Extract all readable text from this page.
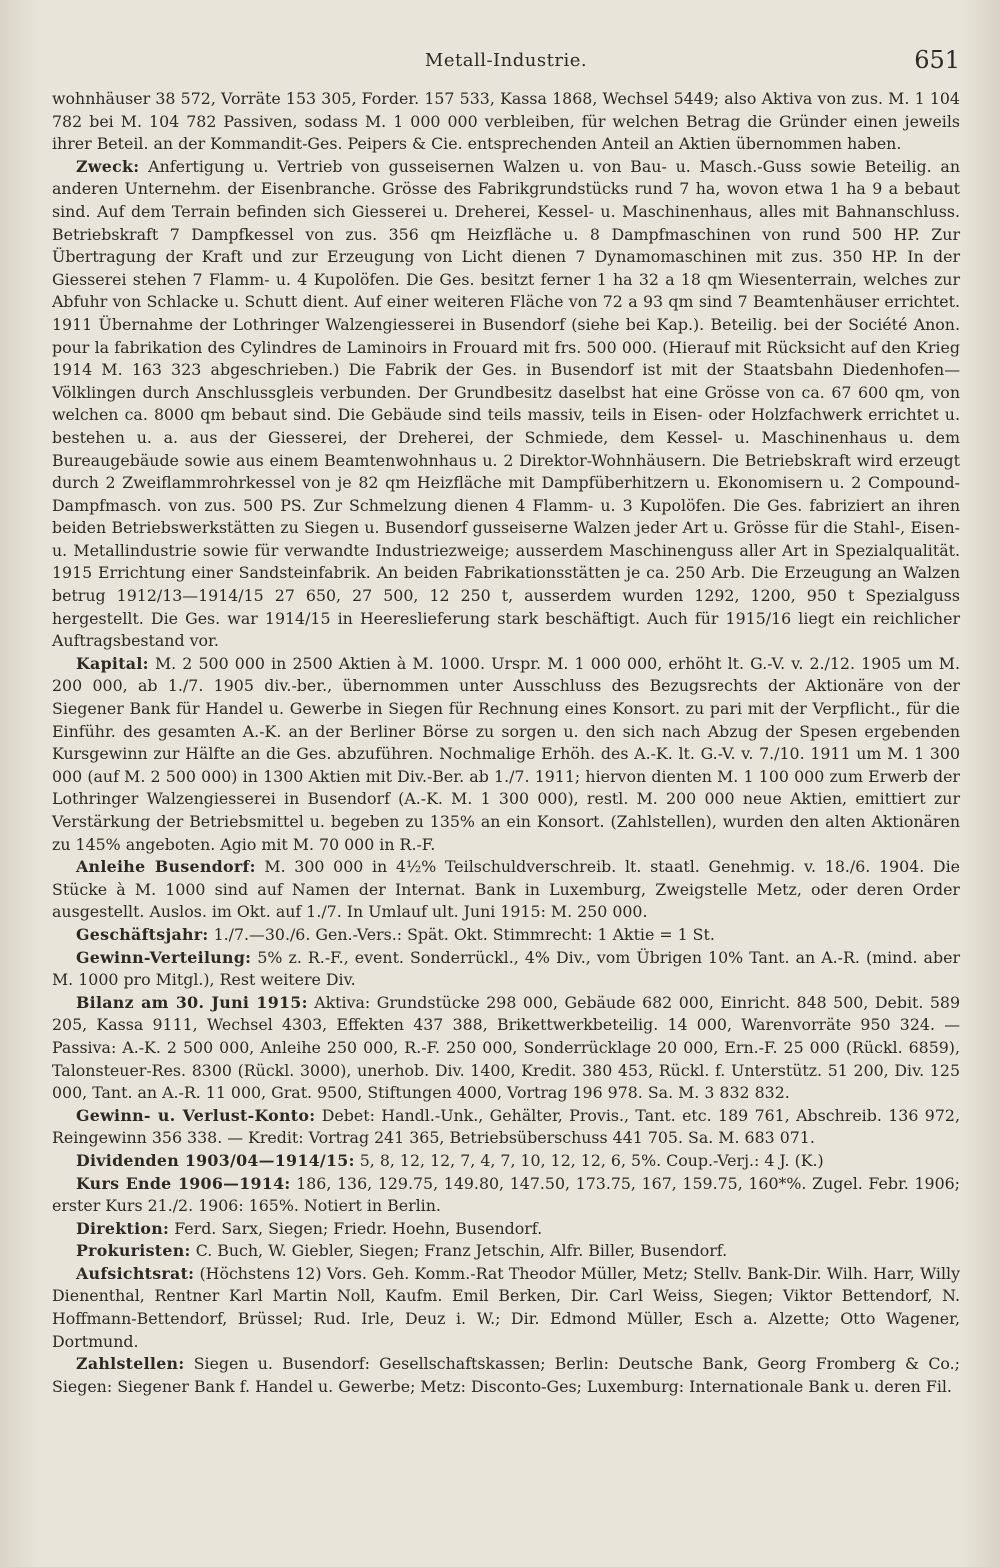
Metall-Industrie.	651

wohnhäuser 38 572, Vorräte 153 305, Forder. 157 533, Kassa 1868, Wechsel 5449; also Aktiva von zus. M. 1 104 782 bei M. 104 782 Passiven, sodass M. 1 000 000 verbleiben, für welchen Betrag die Gründer einen jeweils ihrer Beteil. an der Kommandit-Ges. Peipers & Cie. entsprechenden Anteil an Aktien übernommen haben.

Zweck: Anfertigung u. Vertrieb von gusseisernen Walzen u. von Bau- u. Masch.-Guss sowie Beteilig. an anderen Unternehm. der Eisenbranche. Grösse des Fabrikgrundstücks rund 7 ha, wovon etwa 1 ha 9 a bebaut sind. Auf dem Terrain befinden sich Giesserei u. Dreherei, Kessel- u. Maschinenhaus, alles mit Bahnanschluss. Betriebskraft 7 Dampfkessel von zus. 356 qm Heizfläche u. 8 Dampfmaschinen von rund 500 HP. Zur Übertragung der Kraft und zur Erzeugung von Licht dienen 7 Dynamomaschinen mit zus. 350 HP. In der Giesserei stehen 7 Flamm- u. 4 Kupolöfen. Die Ges. besitzt ferner 1 ha 32 a 18 qm Wiesenterrain, welches zur Abfuhr von Schlacke u. Schutt dient. Auf einer weiteren Fläche von 72 a 93 qm sind 7 Beamtenhäuser errichtet. 1911 Übernahme der Lothringer Walzengiesserei in Busendorf (siehe bei Kap.). Beteilig. bei der Société Anon. pour la fabrikation des Cylindres de Laminoirs in Frouard mit frs. 500 000. (Hierauf mit Rücksicht auf den Krieg 1914 M. 163 323 abgeschrieben.) Die Fabrik der Ges. in Busendorf ist mit der Staatsbahn Diedenhofen—Völklingen durch Anschlussgleis verbunden. Der Grundbesitz daselbst hat eine Grösse von ca. 67 600 qm, von welchen ca. 8000 qm bebaut sind. Die Gebäude sind teils massiv, teils in Eisen- oder Holzfachwerk errichtet u. bestehen u. a. aus der Giesserei, der Dreherei, der Schmiede, dem Kessel- u. Maschinenhaus u. dem Bureaugebäude sowie aus einem Beamtenwohnhaus u. 2 Direktor-Wohnhäusern. Die Betriebskraft wird erzeugt durch 2 Zweiflammrohrkessel von je 82 qm Heizfläche mit Dampfüberhitzern u. Ekonomisern u. 2 Compound-Dampfmasch. von zus. 500 PS. Zur Schmelzung dienen 4 Flamm- u. 3 Kupolöfen. Die Ges. fabriziert an ihren beiden Betriebswerkstätten zu Siegen u. Busendorf gusseiserne Walzen jeder Art u. Grösse für die Stahl-, Eisen- u. Metallindustrie sowie für verwandte Industriezweige; ausserdem Maschinenguss aller Art in Spezialqualität. 1915 Errichtung einer Sandsteinfabrik. An beiden Fabrikationsstätten je ca. 250 Arb. Die Erzeugung an Walzen betrug 1912/13—1914/15 27 650, 27 500, 12 250 t, ausserdem wurden 1292, 1200, 950 t Spezialguss hergestellt. Die Ges. war 1914/15 in Heereslieferung stark beschäftigt. Auch für 1915/16 liegt ein reichlicher Auftragsbestand vor.

Kapital: M. 2 500 000 in 2500 Aktien à M. 1000. Urspr. M. 1 000 000, erhöht lt. G.-V. v. 2./12. 1905 um M. 200 000, ab 1./7. 1905 div.-ber., übernommen unter Ausschluss des Bezugsrechts der Aktionäre von der Siegener Bank für Handel u. Gewerbe in Siegen für Rechnung eines Konsort. zu pari mit der Verpflicht., für die Einführ. des gesamten A.-K. an der Berliner Börse zu sorgen u. den sich nach Abzug der Spesen ergebenden Kursgewinn zur Hälfte an die Ges. abzuführen. Nochmalige Erhöh. des A.-K. lt. G.-V. v. 7./10. 1911 um M. 1 300 000 (auf M. 2 500 000) in 1300 Aktien mit Div.-Ber. ab 1./7. 1911; hiervon dienten M. 1 100 000 zum Erwerb der Lothringer Walzengiesserei in Busendorf (A.-K. M. 1 300 000), restl. M. 200 000 neue Aktien, emittiert zur Verstärkung der Betriebsmittel u. begeben zu 135% an ein Konsort. (Zahlstellen), wurden den alten Aktionären zu 145% angeboten. Agio mit M. 70 000 in R.-F.

Anleihe Busendorf: M. 300 000 in 4½% Teilschuldverschreib. lt. staatl. Genehmig. v. 18./6. 1904. Die Stücke à M. 1000 sind auf Namen der Internat. Bank in Luxemburg, Zweigstelle Metz, oder deren Order ausgestellt. Auslos. im Okt. auf 1./7. In Umlauf ult. Juni 1915: M. 250 000.

Geschäftsjahr: 1./7.—30./6. Gen.-Vers.: Spät. Okt. Stimmrecht: 1 Aktie = 1 St.

Gewinn-Verteilung: 5% z. R.-F., event. Sonderrückl., 4% Div., vom Übrigen 10% Tant. an A.-R. (mind. aber M. 1000 pro Mitgl.), Rest weitere Div.

Bilanz am 30. Juni 1915: Aktiva: Grundstücke 298 000, Gebäude 682 000, Einricht. 848 500, Debit. 589 205, Kassa 9111, Wechsel 4303, Effekten 437 388, Brikettwerkbeteilig. 14 000, Warenvorräte 950 324. — Passiva: A.-K. 2 500 000, Anleihe 250 000, R.-F. 250 000, Sonderrücklage 20 000, Ern.-F. 25 000 (Rückl. 6859), Talonsteuer-Res. 8300 (Rückl. 3000), unerhob. Div. 1400, Kredit. 380 453, Rückl. f. Unterstütz. 51 200, Div. 125 000, Tant. an A.-R. 11 000, Grat. 9500, Stiftungen 4000, Vortrag 196 978. Sa. M. 3 832 832.

Gewinn- u. Verlust-Konto: Debet: Handl.-Unk., Gehälter, Provis., Tant. etc. 189 761, Abschreib. 136 972, Reingewinn 356 338. — Kredit: Vortrag 241 365, Betriebsüberschuss 441 705. Sa. M. 683 071.

Dividenden 1903/04—1914/15: 5, 8, 12, 12, 7, 4, 7, 10, 12, 12, 6, 5%. Coup.-Verj.: 4 J. (K.)

Kurs Ende 1906—1914: 186, 136, 129.75, 149.80, 147.50, 173.75, 167, 159.75, 160*%. Zugel. Febr. 1906; erster Kurs 21./2. 1906: 165%. Notiert in Berlin.

Direktion: Ferd. Sarx, Siegen; Friedr. Hoehn, Busendorf.

Prokuristen: C. Buch, W. Giebler, Siegen; Franz Jetschin, Alfr. Biller, Busendorf.

Aufsichtsrat: (Höchstens 12) Vors. Geh. Komm.-Rat Theodor Müller, Metz; Stellv. Bank-Dir. Wilh. Harr, Willy Dienenthal, Rentner Karl Martin Noll, Kaufm. Emil Berken, Dir. Carl Weiss, Siegen; Viktor Bettendorf, N. Hoffmann-Bettendorf, Brüssel; Rud. Irle, Deuz i. W.; Dir. Edmond Müller, Esch a. Alzette; Otto Wagener, Dortmund.

Zahlstellen: Siegen u. Busendorf: Gesellschaftskassen; Berlin: Deutsche Bank, Georg Fromberg & Co.; Siegen: Siegener Bank f. Handel u. Gewerbe; Metz: Disconto-Ges; Luxemburg: Internationale Bank u. deren Fil.
